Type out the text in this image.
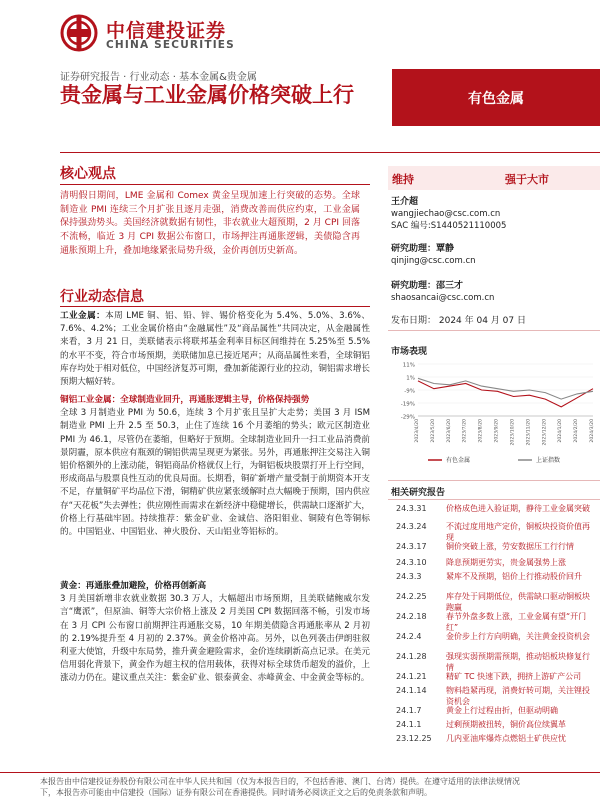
中信建投证券
CHINA SECURITIES
证券研究报告 · 行业动态 · 基本金属&贵金属
贵金属与工业金属价格突破上行	有色金属
核心观点
清明假日期间，LME 金属和 Comex 黄金呈现加速上行突破的态势。全球制造业 PMI 连续三个月扩张且逐月走强，消费改善而供应约束，工业金属保持强劲势头。美国经济就数据有韧性，非农就业大超预期，2 月 CPI 回落不流畅，临近 3 月 CPI 数据公布窗口，市场押注再通胀逻辑，美债隐含再通胀预期上升，叠加地缘紧张局势升级，金价再创历史新高。
行业动态信息
工业金属：本周 LME 铜、铝、铅、锌、锡价格变化为 5.4%、5.0%、3.6%、7.6%、4.2%；工业金属价格由“金融属性”及“商品属性”共同决定，从金融属性来看，3 月 21 日，美联储表示将联邦基金利率目标区间维持在 5.25%至 5.5%的水平不变，符合市场预期，美联储加息已接近尾声；从商品属性来看，全球铜铝库存均处于相对低位，中国经济复苏可期，叠加新能源行业的拉动，铜铝需求增长预期大幅好转。
铜铝工业金属：全球制造业回升，再通胀逻辑主导，价格保持强势
全球 3 月制造业 PMI 为 50.6，连续 3 个月扩张且呈扩大走势；美国 3 月 ISM 制造业 PMI 上升 2.5 至 50.3，止住了连续 16 个月萎缩的势头；欧元区制造业 PMI 为 46.1，尽管仍在萎缩，但略好于预期。全球制造业回升一扫工业品消费前景阴霾，原本供应有瓶颈的铜铝供需呈现更为紧张。另外，再通胀押注交易注入铜铝价格额外的上涨动能，铜铝商品价格就仅上行，为铜铝板块股票打开上行空间，形成商品与股票良性互动的优良局面。长期看，铜矿新增产量受制于前期资本开支不足，存量铜矿平均品位下滑，铜精矿供应紧张缓解时点大幅晚于预期，国内供应存“天花板”失去弹性；供应刚性而需求在新经济中稳健增长，供需缺口逐渐扩大，价格上行基础牢固。持续推荐：紫金矿业、金诚信、洛阳钼业、铜陵有色等铜标的。中国铝业、中国铝业、神火股份、天山铝业等铝标的。
黄金：再通胀叠加避险，价格再创新高
3 月美国新增非农就业数据 30.3 万人，大幅超出市场预期，且美联储鲍威尔发言“鹰派”，但原油、铜等大宗价格上涨及 2 月美国 CPI 数据回落不畅，引发市场在 3 月 CPI 公布窗口前期押注再通胀交易，10 年期美债隐含再通胀率从 2 月初的 2.19%提升至 4 月初的 2.37%。黄金价格冲高。另外，以色列袭击伊朗驻叙利亚大使馆，升级中东局势，推升黄金避险需求，金价连续刷新高点记录。在美元信用弱化背景下，黄金作为超主权的信用载体，获得对标全球货币超发的溢价，上涨动力仍在。建议重点关注：紫金矿业、银泰黄金、赤峰黄金、中金黄金等标的。
维持	强于大市
王介超
wangjiechao@csc.com.cn
SAC 编号:S1440521110005
研究助理：覃静
qinjing@csc.com.cn
研究助理：邵三才
shaosancai@csc.com.cn
发布日期： 2024 年 04 月 07 日
市场表现
11%
1%
-9%
-19%
-29%
2023/4/20 2023/5/20 2023/6/20 2023/7/20 2023/8/20 2023/9/20 2023/10/20 2023/11/20 2023/12/20 2024/1/20 2024/2/20 2024/3/20
有色金属	上证指数
相关研究报告
24.3.31 价格成色进入验证期，静待工业金属突破
24.3.24 不流过度用地产定价，铜板块投资价值再现
24.3.17 铜价突破上涨，劳安数据压工行行情
24.3.10 降息预期更劳实，贵金属强势上涨
24.3.3	紧库不及预期，铝价上行推动股价回升
24.2.25 库存处于同期低位，供需缺口驱动铜板块跑赢
24.2.18 春节外盘多数上涨，工业金属有望“开门红”
24.2.4	金价步上行方向明确，关注黄金投资机会
24.1.28 强现实弱预期需预期，推动铝板块修复行情
24.1.21 精矿 TC 快速下跌，拥挤上游矿产公司
24.1.14 物料趋紧再现，消费好转可期，关注锂投资机会
24.1.7	黄金上行过程由折，但驱动明确
24.1.1	过剩预期被扭转，铜价高位续翼革
23.12.25 几内亚油库爆炸点燃铝土矿供应忧
本报告由中信建投证券股份有限公司在中华人民共和国（仅为本报告目的，不包括香港、澳门、台湾）提供。在遵守适用的法律法规情况
下，本报告亦可能由中信建投（国际）证券有限公司在香港提供。同时请务必阅读正文之后的免责条款和声明。
